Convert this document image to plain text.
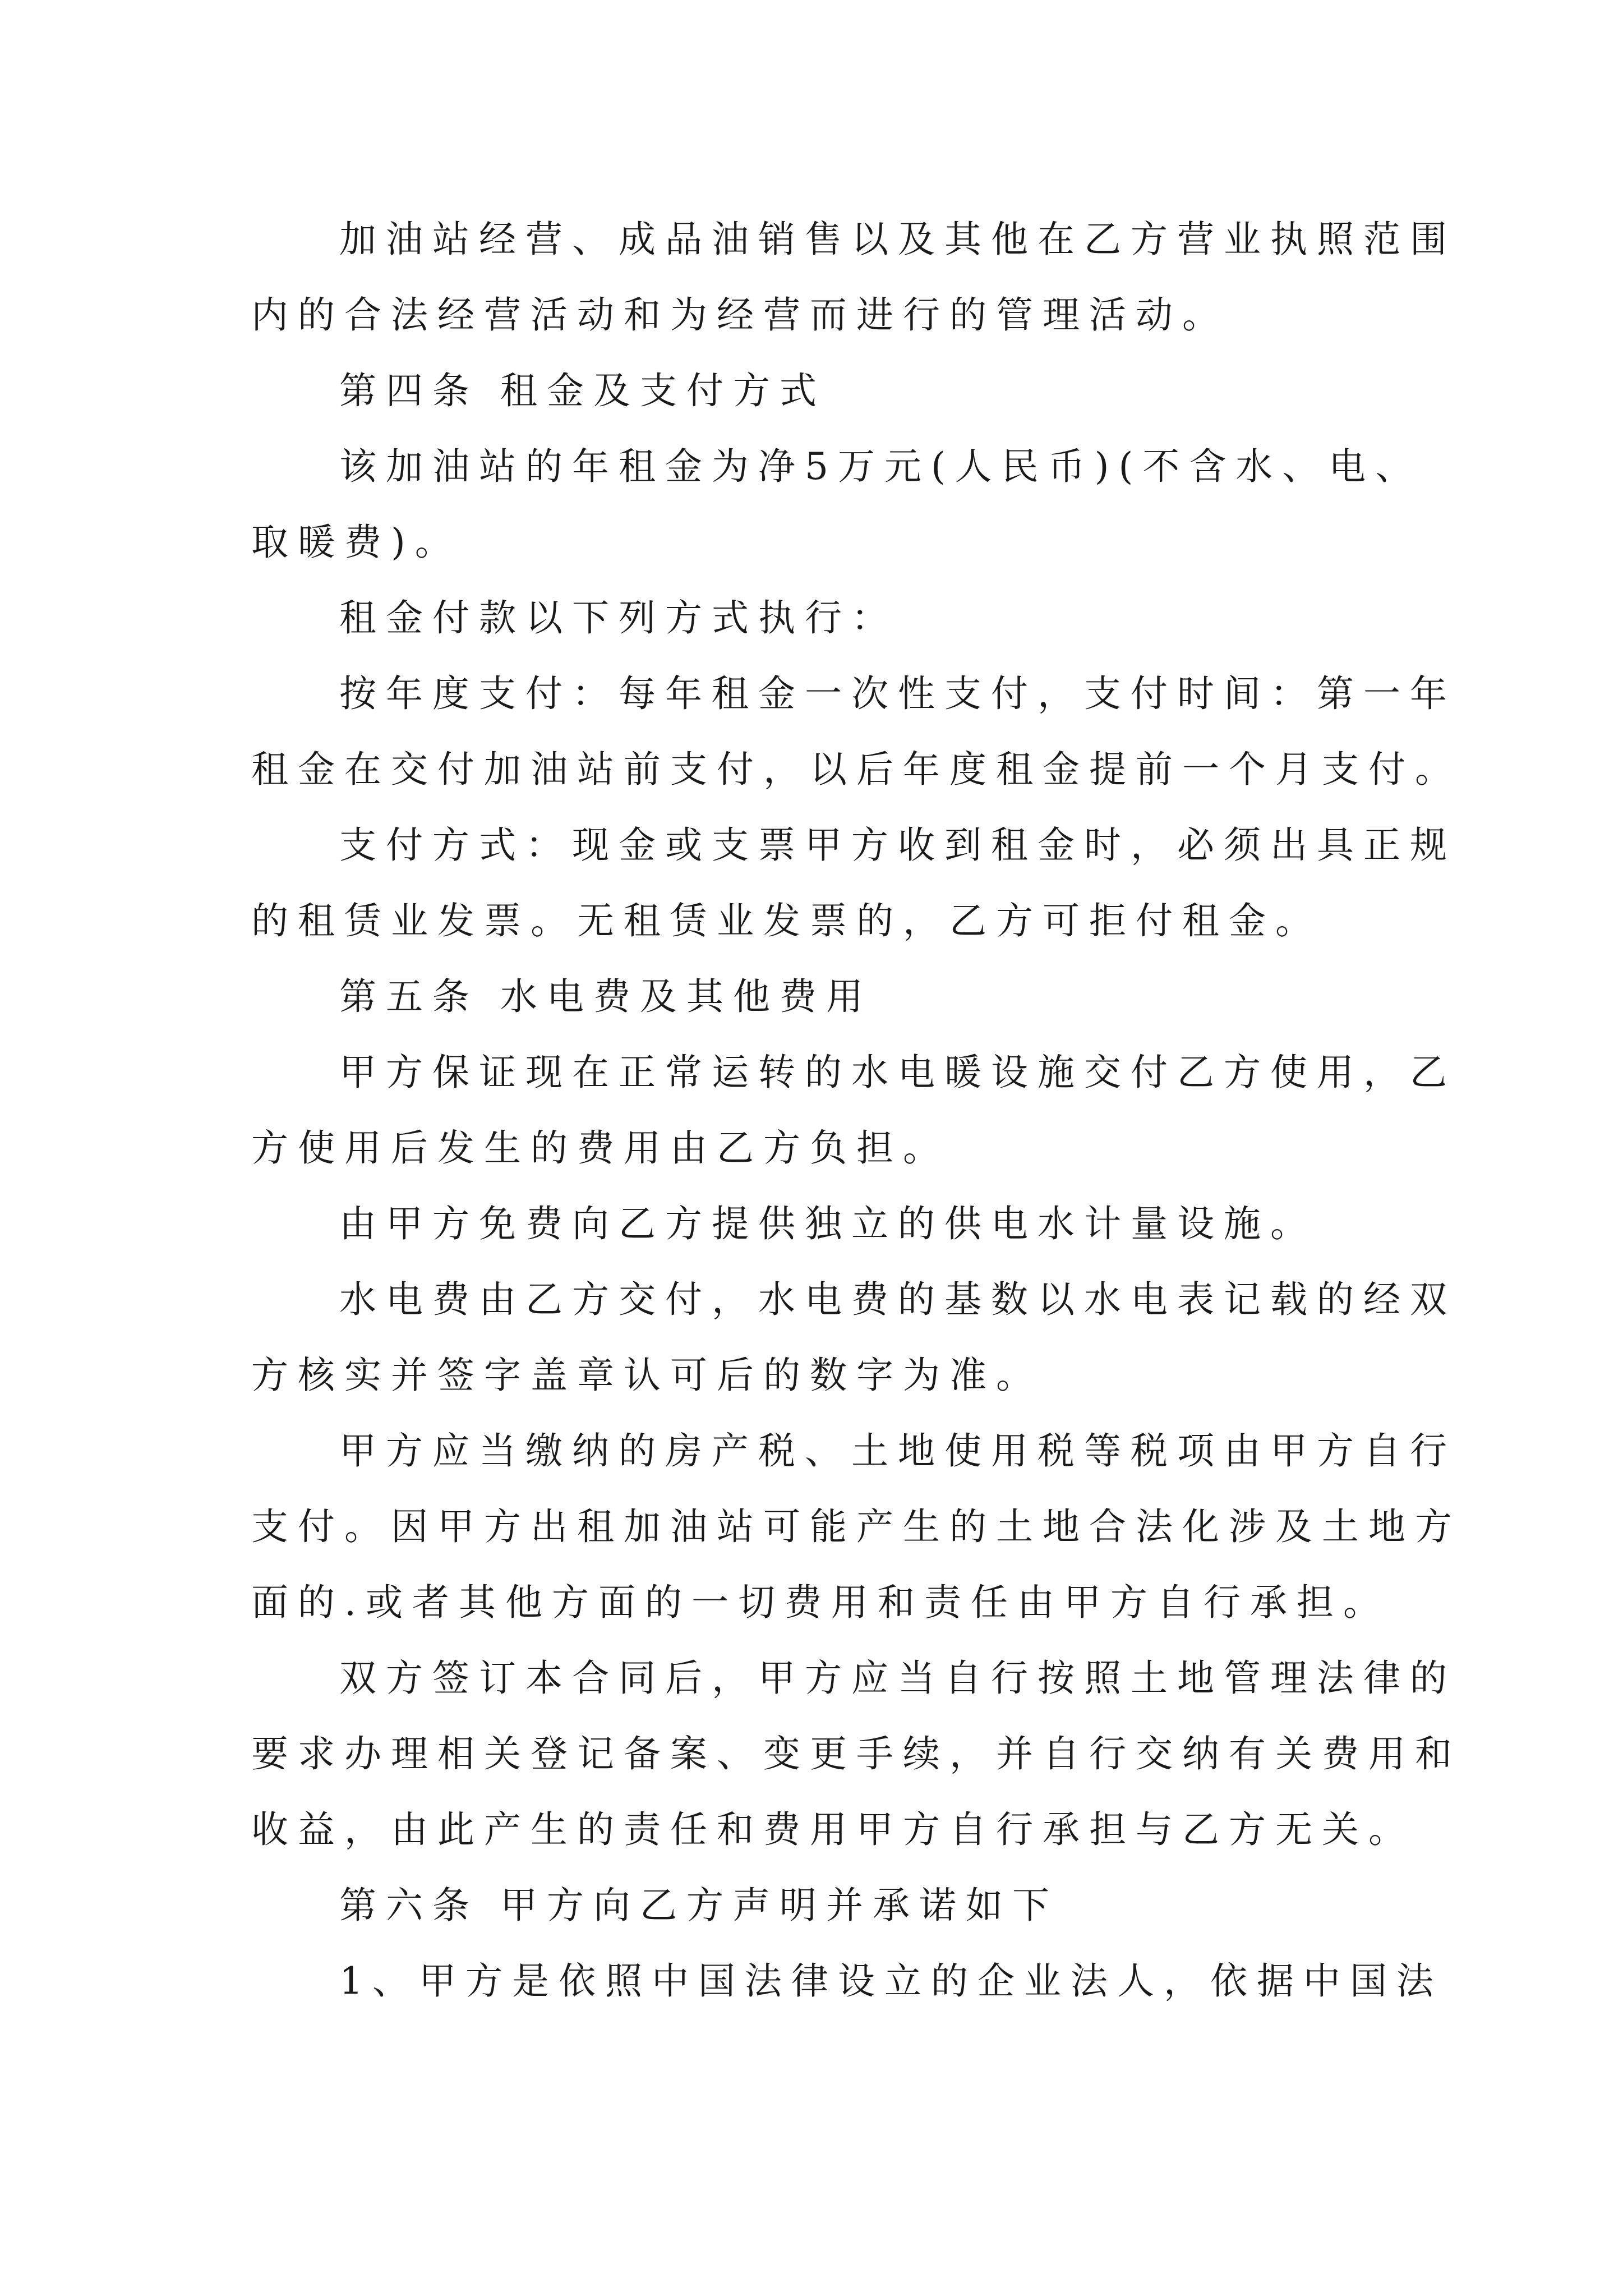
加油站经营、成品油销售以及其他在乙方营业执照范围

内的合法经营活动和为经营而进行的管理活动。

第四条 租金及支付方式

该加油站的年租金为净5万元(人民币)(不含水、电、

取暖费)。

租金付款以下列方式执行：

按年度支付：每年租金一次性支付，支付时间：第一年

租金在交付加油站前支付，以后年度租金提前一个月支付。

支付方式：现金或支票甲方收到租金时，必须出具正规

的租赁业发票。无租赁业发票的，乙方可拒付租金。

第五条 水电费及其他费用

甲方保证现在正常运转的水电暖设施交付乙方使用，乙

方使用后发生的费用由乙方负担。

由甲方免费向乙方提供独立的供电水计量设施。

水电费由乙方交付，水电费的基数以水电表记载的经双

方核实并签字盖章认可后的数字为准。

甲方应当缴纳的房产税、土地使用税等税项由甲方自行

支付。因甲方出租加油站可能产生的土地合法化涉及土地方

面的.或者其他方面的一切费用和责任由甲方自行承担。

双方签订本合同后，甲方应当自行按照土地管理法律的

要求办理相关登记备案、变更手续，并自行交纳有关费用和

收益，由此产生的责任和费用甲方自行承担与乙方无关。

第六条 甲方向乙方声明并承诺如下

1、甲方是依照中国法律设立的企业法人，依据中国法
